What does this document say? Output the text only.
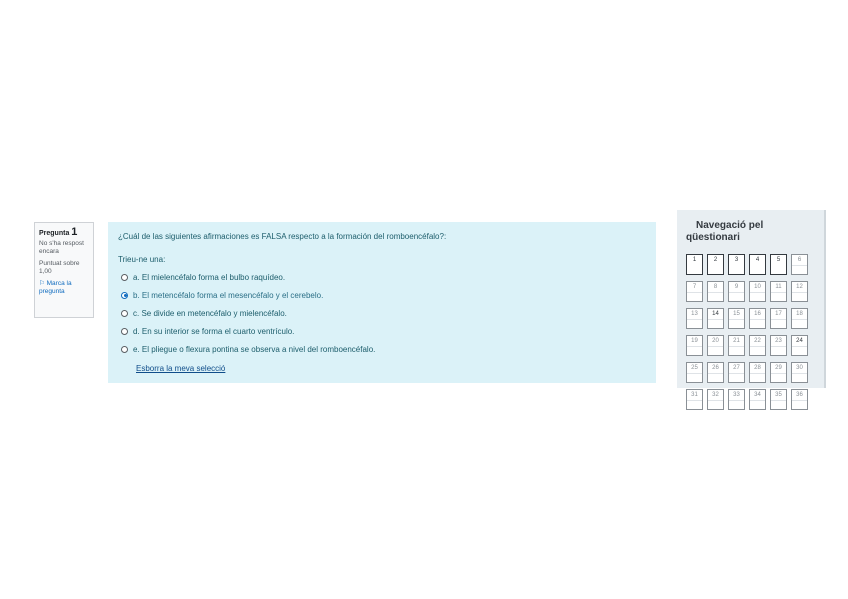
Pregunta 1
No s'ha respost encara
Puntuat sobre 1,00
⚐ Marca la pregunta
¿Cuál de las siguientes afirmaciones es FALSA respecto a la formación del romboencéfalo?:
Trieu-ne una:
a. El mielencéfalo forma el bulbo raquídeo.
b. El metencéfalo forma el mesencéfalo y el cerebelo.
c. Se divide en metencéfalo y mielencéfalo.
d. En su interior se forma el cuarto ventrículo.
e. El pliegue o flexura pontina se observa a nivel del romboencéfalo.
Esborra la meva selecció
Navegació pel
qüestionari
1	2	3	4	5	6
7	8	9	10	11	12
13	14	15	16	17	18
19	20	21	22	23	24
25	26	27	28	29	30
31	32	33	34	35	36
